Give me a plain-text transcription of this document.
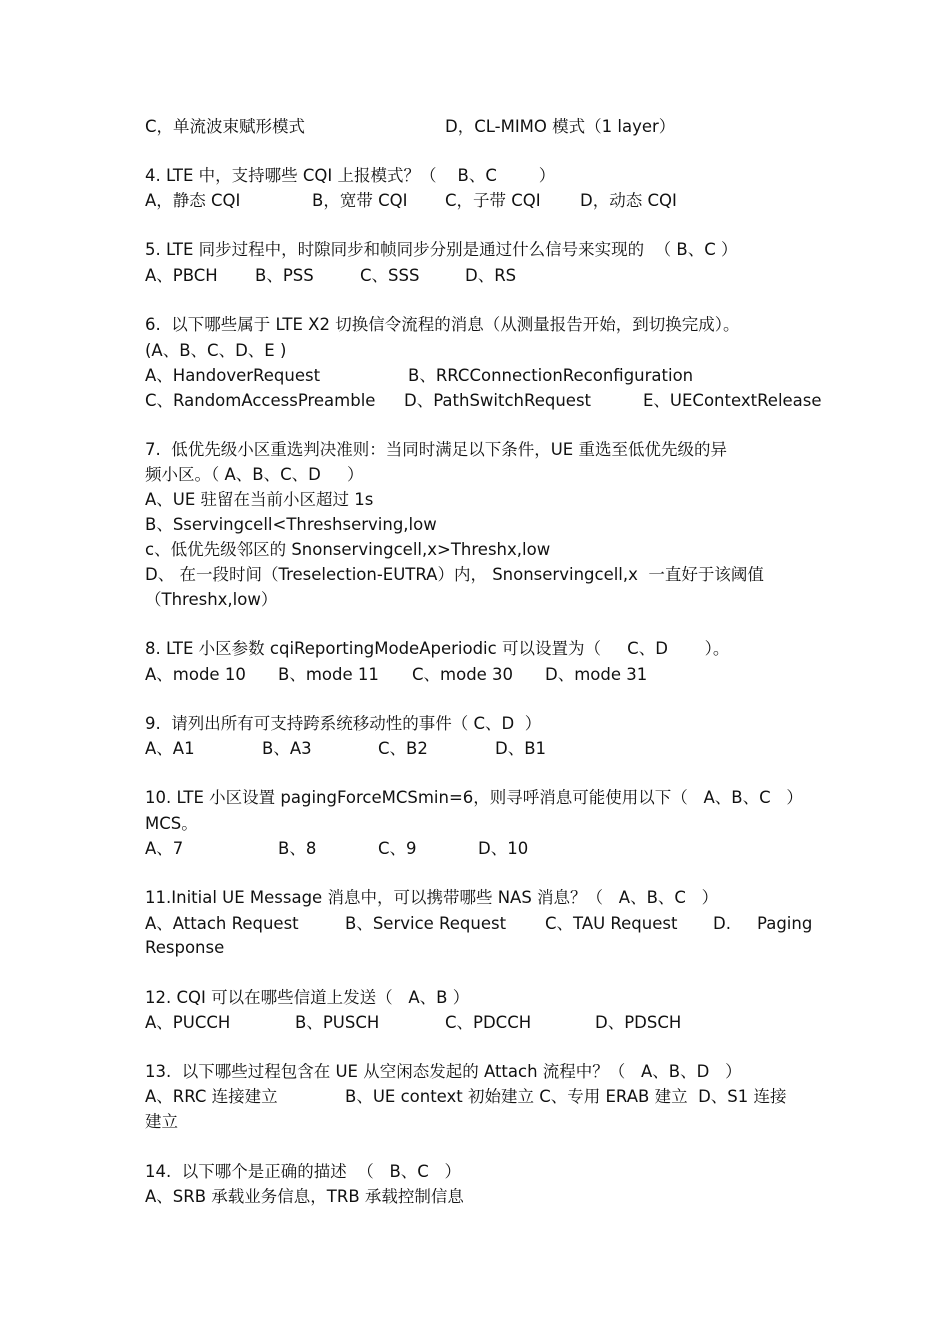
C，单流波束赋形模式

	D，CL-MIMO 模式（1 layer）

4. LTE 中，支持哪些 CQI 上报模式？（    B、C        ）

A，静态 CQI

	B，宽带 CQI

C，子带 CQI

D，动态 CQI

5. LTE 同步过程中，时隙同步和帧同步分别是通过什么信号来实现的  （ B、C ）

A、PBCH

B、PSS

	C、SSS

	D、RS

6.  以下哪些属于 LTE X2 切换信令流程的消息（从测量报告开始，到切换完成）。
(A、B、C、D、E )

A、HandoverRequest

	B、RRCConnectionReconfiguration

C、RandomAccessPreamble

D、PathSwitchRequest

	E、UEContextRelease

7.  低优先级小区重选判决准则：当同时满足以下条件，UE 重选至低优先级的异
频小区。（ A、B、C、D     ）
A、UE 驻留在当前小区超过 1s
B、Sservingcell<Threshserving,low
c、低优先级邻区的 Snonservingcell,x>Threshx,low
D、 在一段时间（Treselection-EUTRA）内， Snonservingcell,x  一直好于该阈值
（Threshx,low）
8. LTE 小区参数 cqiReportingModeAperiodic 可以设置为（     C、D       ）。

A、mode 10

B、mode 11

C、mode 30

D、mode 31

9.  请列出所有可支持跨系统移动性的事件（ C、D  ）

A、A1

	B、A3

	C、B2

	D、B1

10. LTE 小区设置 pagingForceMCSmin=6，则寻呼消息可能使用以下（   A、B、C   ）
MCS。

A、7

	B、8

	C、9

	D、10

11.Initial UE Message 消息中，可以携带哪些 NAS 消息？（   A、B、C   ）

A、Attach Request

	B、Service Request

C、TAU Request

D.

Paging

Response
12. CQI 可以在哪些信道上发送（   A、B ）

A、PUCCH

	B、PUSCH

	C、PDCCH

	D、PDSCH

13.  以下哪些过程包含在 UE 从空闲态发起的 Attach 流程中？（   A、B、D   ）

A、RRC 连接建立

	B、UE context 初始建立 C、专用 ERAB 建立  D、S1 连接

建立
14.  以下哪个是正确的描述  （   B、C   ）
A、SRB 承载业务信息，TRB 承载控制信息
